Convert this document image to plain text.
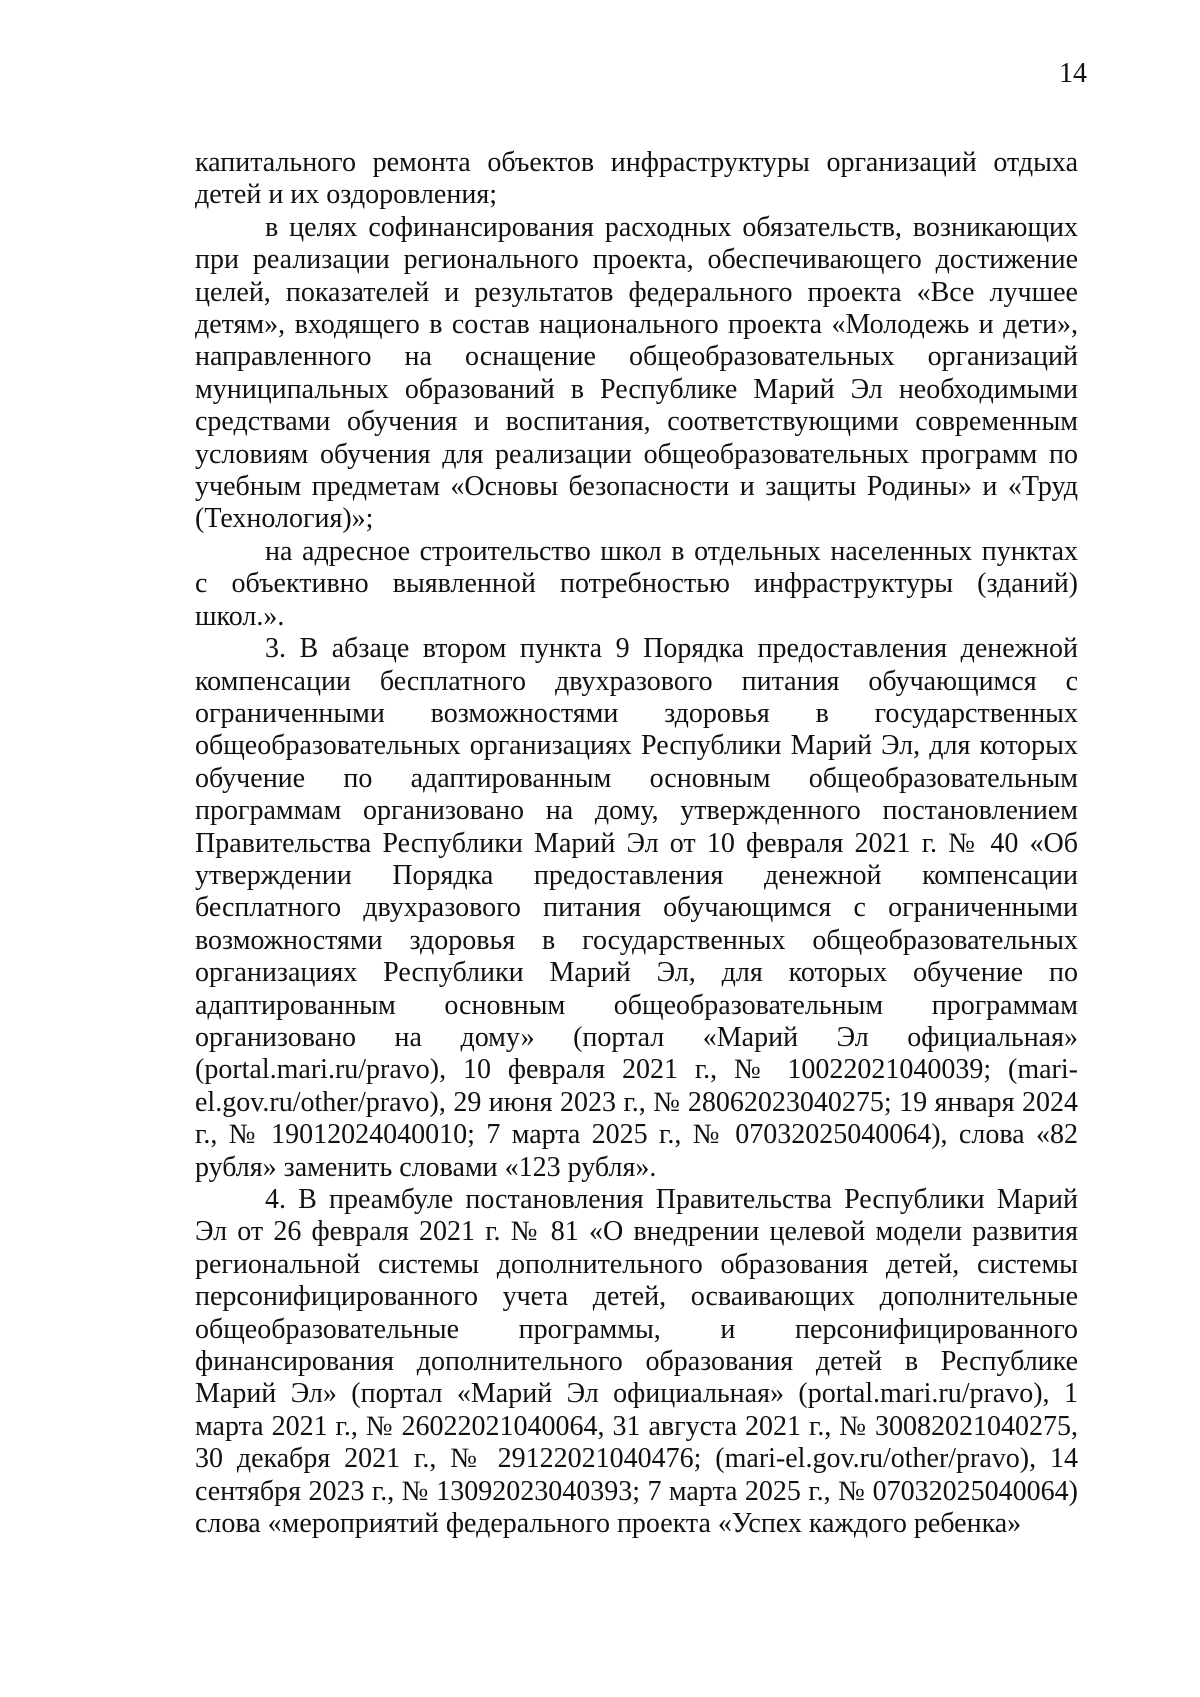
14

капитального ремонта объектов инфраструктуры организаций отдыха детей и их оздоровления;

в целях софинансирования расходных обязательств, возникающих при реализации регионального проекта, обеспечивающего достижение целей, показателей и результатов федерального проекта «Все лучшее детям», входящего в состав национального проекта «Молодежь и дети», направленного на оснащение общеобразовательных организаций муниципальных образований в Республике Марий Эл необходимыми средствами обучения и воспитания, соответствующими современным условиям обучения для реализации общеобразовательных программ по учебным предметам «Основы безопасности и защиты Родины» и «Труд (Технология)»;

на адресное строительство школ в отдельных населенных пунктах с объективно выявленной потребностью инфраструктуры (зданий) школ.».

3. В абзаце втором пункта 9 Порядка предоставления денежной компенсации бесплатного двухразового питания обучающимся с ограниченными возможностями здоровья в государственных общеобразовательных организациях Республики Марий Эл, для которых обучение по адаптированным основным общеобразовательным программам организовано на дому, утвержденного постановлением Правительства Республики Марий Эл от 10 февраля 2021 г. № 40 «Об утверждении Порядка предоставления денежной компенсации бесплатного двухразового питания обучающимся с ограниченными возможностями здоровья в государственных общеобразовательных организациях Республики Марий Эл, для которых обучение по адаптированным основным общеобразовательным программам организовано на дому» (портал «Марий Эл официальная» (portal.mari.ru/pravo), 10 февраля 2021 г., № 10022021040039; (mari-el.gov.ru/other/pravo), 29 июня 2023 г., № 28062023040275; 19 января 2024 г., № 19012024040010; 7 марта 2025 г., № 07032025040064), слова «82 рубля» заменить словами «123 рубля».

4. В преамбуле постановления Правительства Республики Марий Эл от 26 февраля 2021 г. № 81 «О внедрении целевой модели развития региональной системы дополнительного образования детей, системы персонифицированного учета детей, осваивающих дополнительные общеобразовательные программы, и персонифицированного финансирования дополнительного образования детей в Республике Марий Эл» (портал «Марий Эл официальная» (portal.mari.ru/pravo), 1 марта 2021 г., № 26022021040064, 31 августа 2021 г., № 30082021040275, 30 декабря 2021 г., № 29122021040476; (mari-el.gov.ru/other/pravo), 14 сентября 2023 г., № 13092023040393; 7 марта 2025 г., № 07032025040064) слова «мероприятий федерального проекта «Успех каждого ребенка»
